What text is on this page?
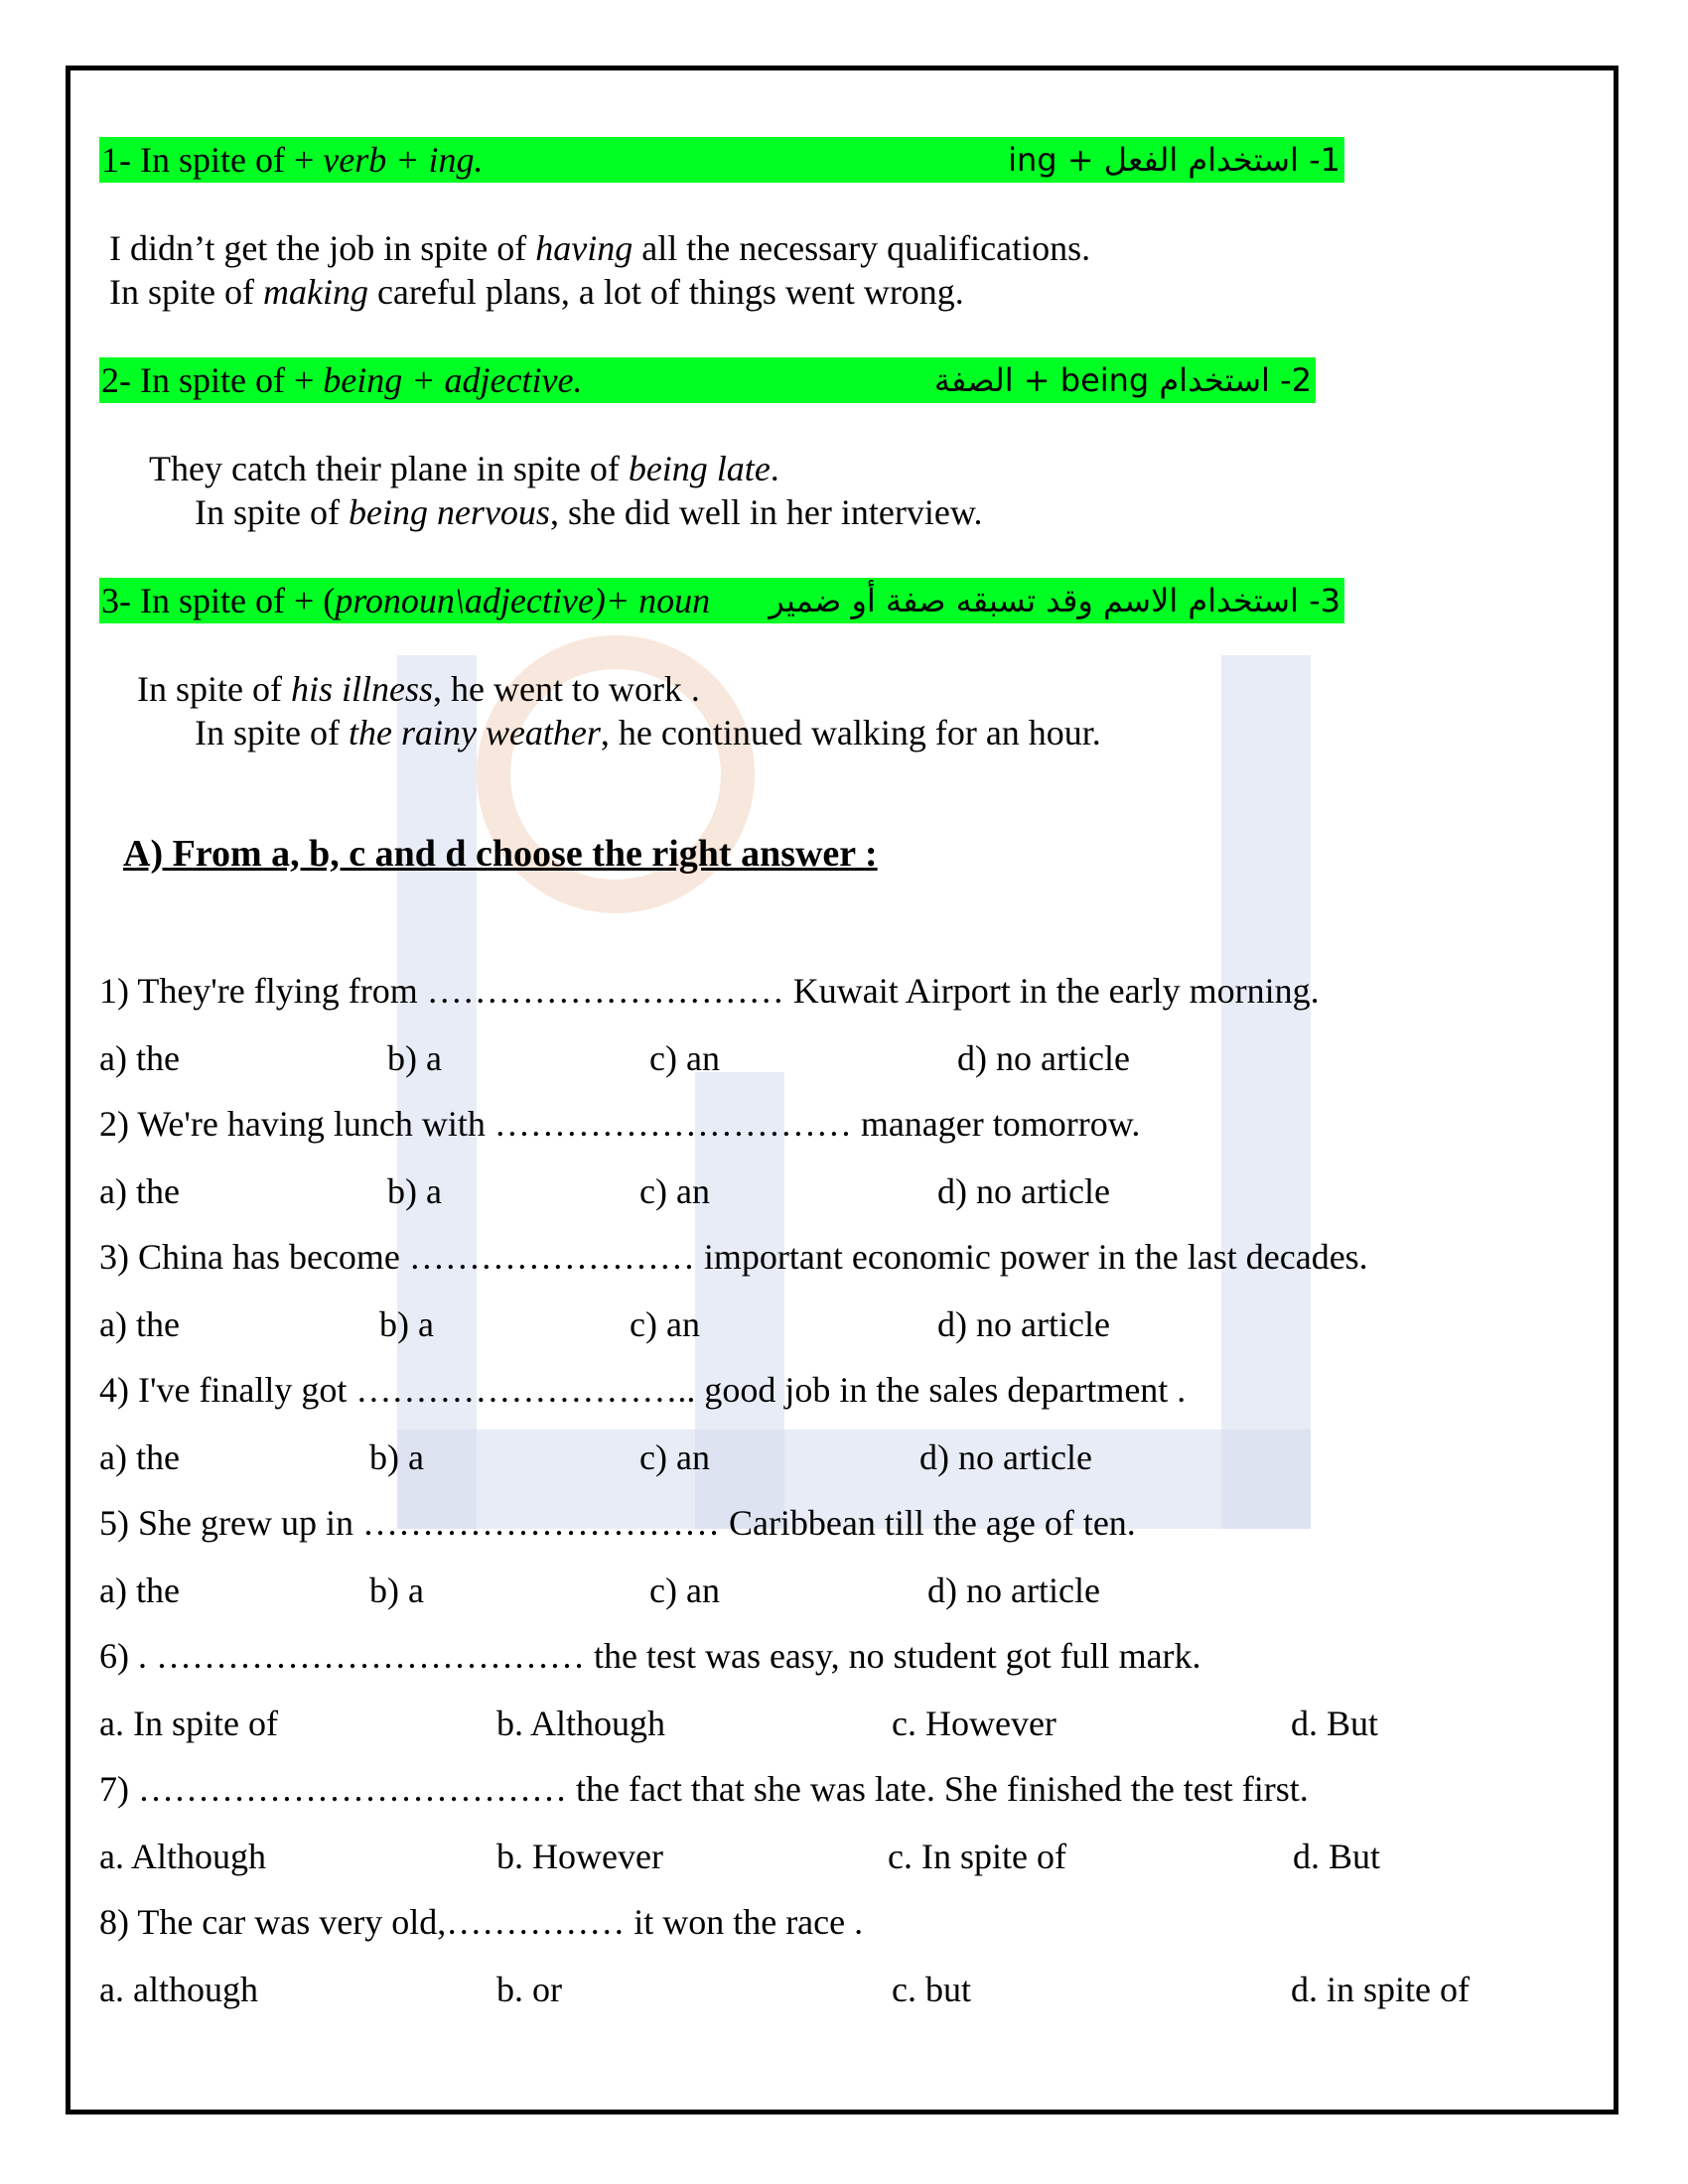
1- In spite of + verb + ing.	1- استخدام الفعل + ing
I didn’t get the job in spite of having all the necessary qualifications.
In spite of making careful plans, a lot of things went wrong.
2- In spite of + being + adjective.	2- استخدام being + الصفة
They catch their plane in spite of being late.
In spite of being nervous, she did well in her interview.
3- In spite of + (pronoun\adjective)+ noun 3- استخدام الاسم وقد تسبقه صفة أو ضمير
In spite of his illness, he went to work .
In spite of the rainy weather, he continued walking for an hour.
A) From a, b, c and d choose the right answer :
1) They're flying from ………………………… Kuwait Airport in the early morning.
a) the	b) a	c) an	d) no article
2) We're having lunch with ………………………… manager tomorrow.
a) the	b) a	c) an	d) no article
3) China has become …………………… important economic power in the last decades.
a) the	b) a	c) an	d) no article
4) I've finally got ……………………….. good job in the sales department .
a) the	b) a	c) an	d) no article
5) She grew up in ………………………… Caribbean till the age of ten.
a) the	b) a	c) an	d) no article
6) . ……………………………… the test was easy, no student got full mark.
a. In spite of	b. Although	c. However	d. But
7) ……………………………… the fact that she was late. She finished the test first.
a. Although	b. However	c. In spite of	d. But
8) The car was very old,…………… it won the race .
a. although	b. or	c. but	d. in spite of
